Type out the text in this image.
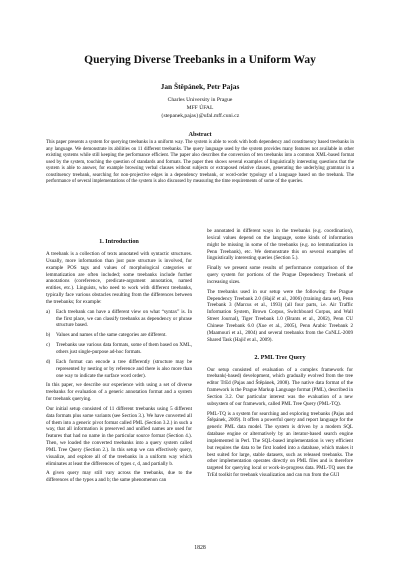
Querying Diverse Treebanks in a Uniform Way
Jan Štěpánek, Petr Pajas
Charles University in Prague
MFF ÚFAL
{stepanek,pajas}@ufal.mff.cuni.cz
Abstract

This paper presents a system for querying treebanks in a uniform way. The system is able to work with both dependency and constituency based treebanks in any language. We demonstrate its abilities on 11 different treebanks. The query language used by the system provides many features not available in other existing systems while still keeping the performance efficient. The paper also describes the conversion of ten treebanks into a common XML-based format used by the system, touching the question of standards and formats. The paper then shows several examples of linguistically interesting questions that the system is able to answer, for example browsing verbal clauses without subjects or extraposed relative clauses, generating the underlying grammar in a constituency treebank, searching for non-projective edges in a dependency treebank, or word-order typology of a language based on the treebank. The performance of several implementations of the system is also discussed by measuring the time requirements of some of the queries.

1. Introduction

A treebank is a collection of texts annotated with syntactic structures. Usually, more information than just pure structure is involved, for example POS tags and values of morphological categories or lemmatization are often included; some treebanks include further annotations (coreference, predicate-argument annotation, named entities, etc.). Linguists, who need to work with different treebanks, typically face various obstacles resulting from the differences between the treebanks; for example:

a) Each treebank can have a different view on what “syntax” is. In the first place, we can classify treebanks as dependency or phrase structure based.
b) Values and names of the same categories are different.
c) Treebanks use various data formats, some of them based on XML, others just single-purpose ad-hoc formats.
d) Each format can encode a tree differently (structure may be represented by nesting or by reference and there is also more than one way to indicate the surface word order).

In this paper, we describe our experience with using a set of diverse treebanks for evaluation of a generic annotation format and a system for treebank querying.

Our initial setup consisted of 11 different treebanks using 5 different data formats plus some variants (see Section 3.). We have converted all of them into a generic pivot format called PML (Section 3.2.) in such a way, that all information is preserved and unified names are used for features that had no name in the particular source format (Section 4.). Then, we loaded the converted treebanks into a query system called PML Tree Query (Section 2.). In this setup we can effectively query, visualize, and explore all of the treebanks in a uniform way which eliminates at least the differences of types c, d, and partially b.

A given query may still vary across the treebanks, due to the differences of the types a and b; the same phenomenon can

be annotated in different ways in the treebanks (e.g. coordination), lexical values depend on the language, some kinds of information might be missing in some of the treebanks (e.g. no lemmatization in Penn Treebank), etc. We demonstrate this on several examples of linguistically interesting queries (Section 5.).

Finally we present some results of performance comparison of the query system for portions of the Prague Dependency Treebank of increasing sizes.

The treebanks used in our setup were the following: the Prague Dependency Treebank 2.0 (Hajič et al., 2006) (training data set), Penn Treebank 3 (Marcus et al., 1993) (all four parts, i.e. Air Traffic Information System, Brown Corpus, Switchboard Corpus, and Wall Street Journal), Tiger Treebank 1.0 (Brants et al., 2002), Penn CU Chinese Treebank 6.0 (Xue et al., 2005), Penn Arabic Treebank 2 (Maamouri et al., 2004) and several treebanks from the CoNLL-2009 Shared Task (Hajič et al., 2009).

2. PML Tree Query

Our setup consisted of evaluation of a complex framework for treebank(-based) development, which gradually evolved from the tree editor TrEd (Pajas and Štěpánek, 2008). The native data format of the framework is the Prague Markup Language format (PML), described in Section 3.2. Our particular interest was the evaluation of a new subsystem of our framework, called PML Tree Query (PML-TQ).

PML-TQ is a system for searching and exploring treebanks (Pajas and Štěpánek, 2009). It offers a powerful query and report language for the generic PML data model. The system is driven by a modern SQL database engine or alternatively by an iterator-based search engine implemented in Perl. The SQL-based implementation is very efficient but requires the data to be first loaded into a database, which makes it best suited for large, stable datasets, such as released treebanks. The other implementation operates directly on PML files and is therefore targeted for querying local or work-in-progress data. PML-TQ uses the TrEd toolkit for treebank visualization and can run from the GUI

1828
